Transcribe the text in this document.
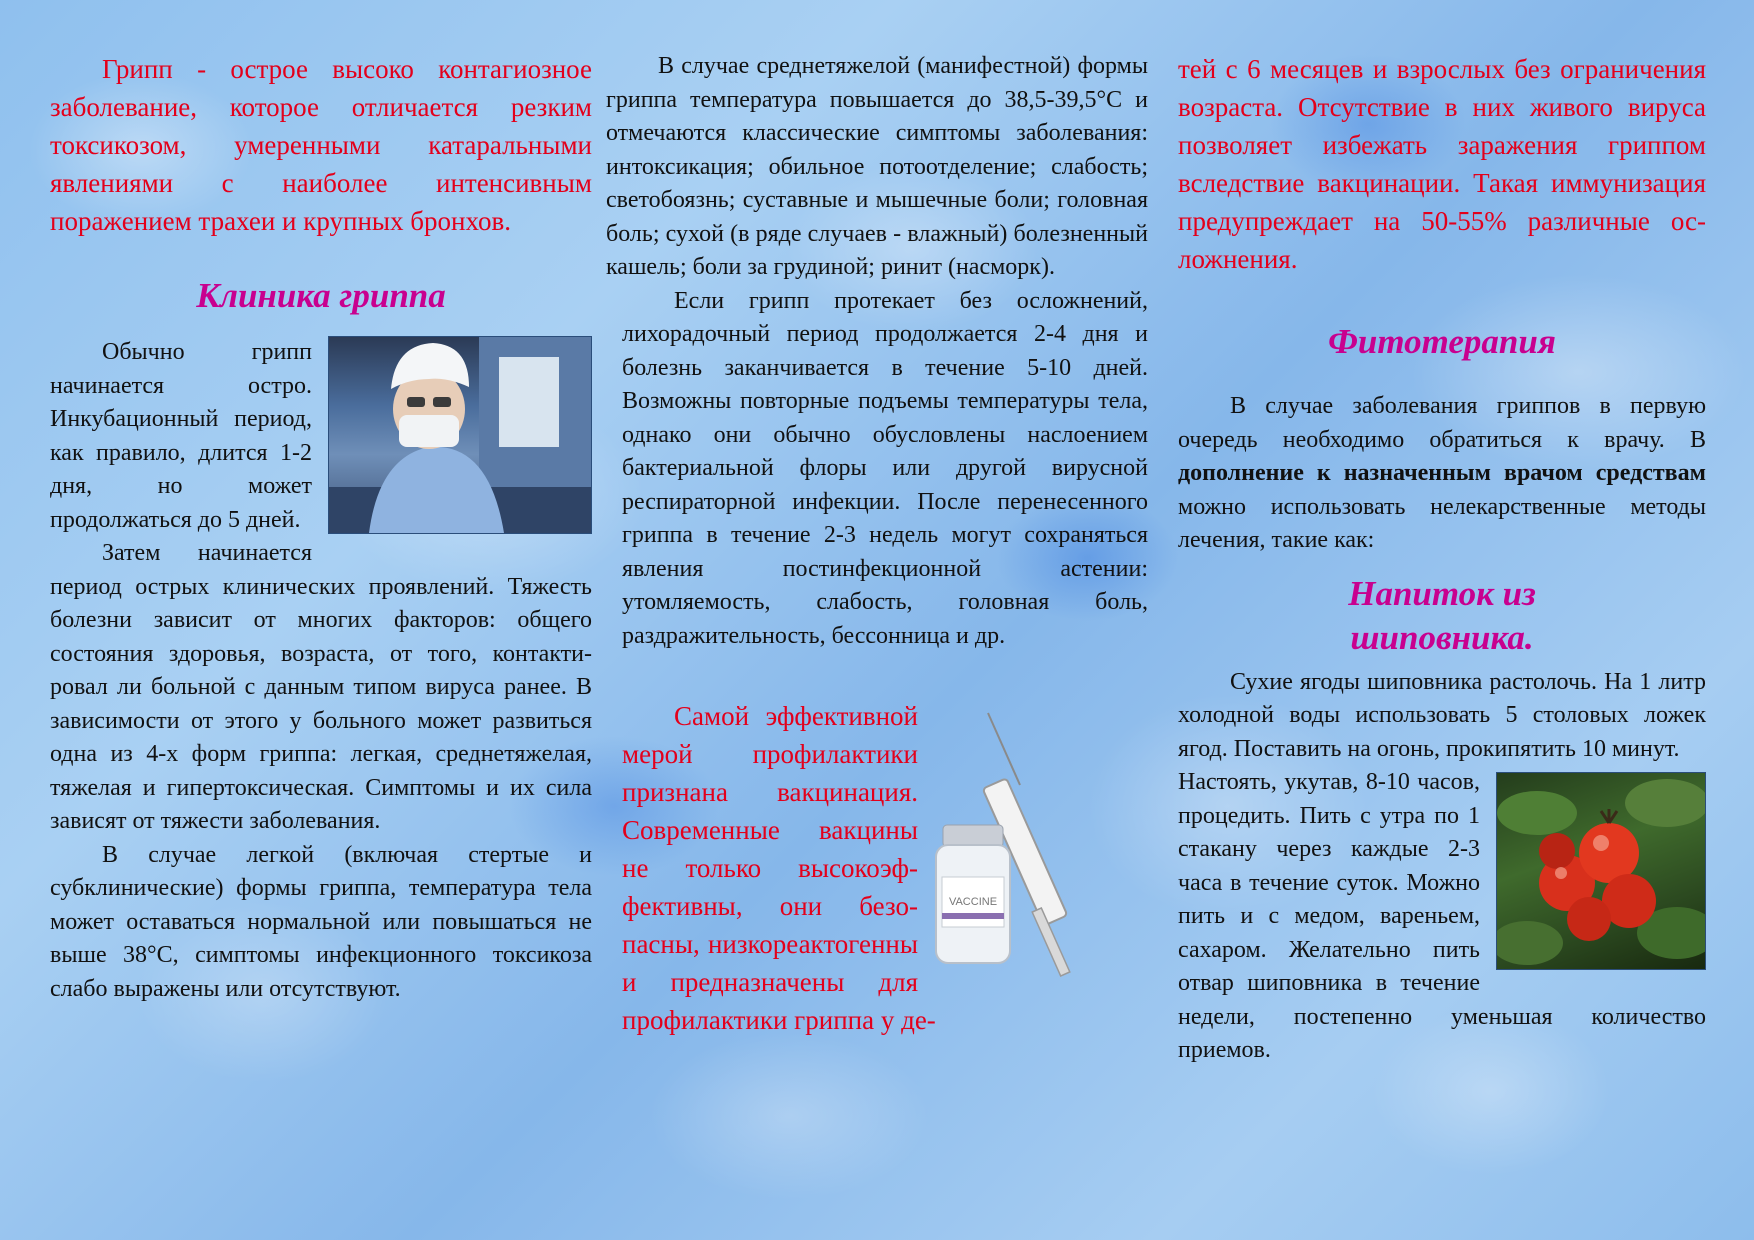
Грипп - острое высоко контагиозное заболевание, которое отличается резким токсикозом, умеренными катаральными явлениями с наиболее интенсивным поражением трахеи и крупных бронхов.

Клиника гриппа

Обычно грипп начинается остро. Инкубационный период, как правило, длится 1-2 дня, но может продолжаться до 5 дней.

Затем начинается период острых клинических проявлений. Тяжесть болезни зависит от многих факторов: общего состояния здоровья, возраста, от того, контактировал ли больной с данным типом вируса ранее. В зависимости от этого у больного может развиться одна из 4-х форм гриппа: легкая, среднетяжелая, тяжелая и гипертоксическая. Симптомы и их сила зависят от тяжести заболевания.

В случае легкой (включая стертые и субклинические) формы гриппа, температура тела может оставаться нормальной или повышаться не выше 38°С, симптомы инфекционного токсикоза слабо выражены или отсутствуют.

В случае среднетяжелой (манифестной) формы гриппа температура повышается до 38,5-39,5°С и отмечаются классические симптомы заболевания: интоксикация; обильное потоотделение; слабость; светобоязнь; суставные и мышечные боли; головная боль; сухой (в ряде случаев - влажный) болезненный кашель; боли за грудиной; ринит (насморк).

Если грипп протекает без осложнений, лихорадочный период продолжается 2-4 дня и болезнь заканчивается в течение 5-10 дней. Возможны повторные подъемы температуры тела, однако они обычно обусловлены наслоением бактериальной флоры или другой вирусной респираторной инфекции. После перенесенного гриппа в течение 2-3 недель могут сохраняться явления постинфекционной астении: утомляемость, слабость, головная боль, раздражительность, бессонница и др.

VACCINE

Самой эффективной мерой профилактики признана вакцинация. Современные вакцины не только высокоэффективны, они безопасны, низкореактогенны и предназначены для профилактики гриппа у де-

тей с 6 месяцев и взрослых без ограничения возраста. Отсутствие в них живого вируса позволяет избежать заражения гриппом вследствие вакцинации. Такая иммунизация предупреждает на 50-55% различные осложнения.

Фитотерапия

В случае заболевания гриппов в первую очередь необходимо обратиться к врачу. В дополнение к назначенным врачом средствам можно использовать нелекарственные методы лечения, такие как:

Напиток из шиповника.

Сухие ягоды шиповника растолочь. На 1 литр холодной воды использовать 5 столовых ложек ягод. Поставить на огонь, прокипятить 10 минут.

Настоять, укутав, 8-10 часов, процедить. Пить с утра по 1 стакану через каждые 2-3 часа в течение суток. Можно пить и с медом, вареньем, сахаром. Желательно пить отвар шиповника в течение недели, постепенно уменьшая количество приемов.
